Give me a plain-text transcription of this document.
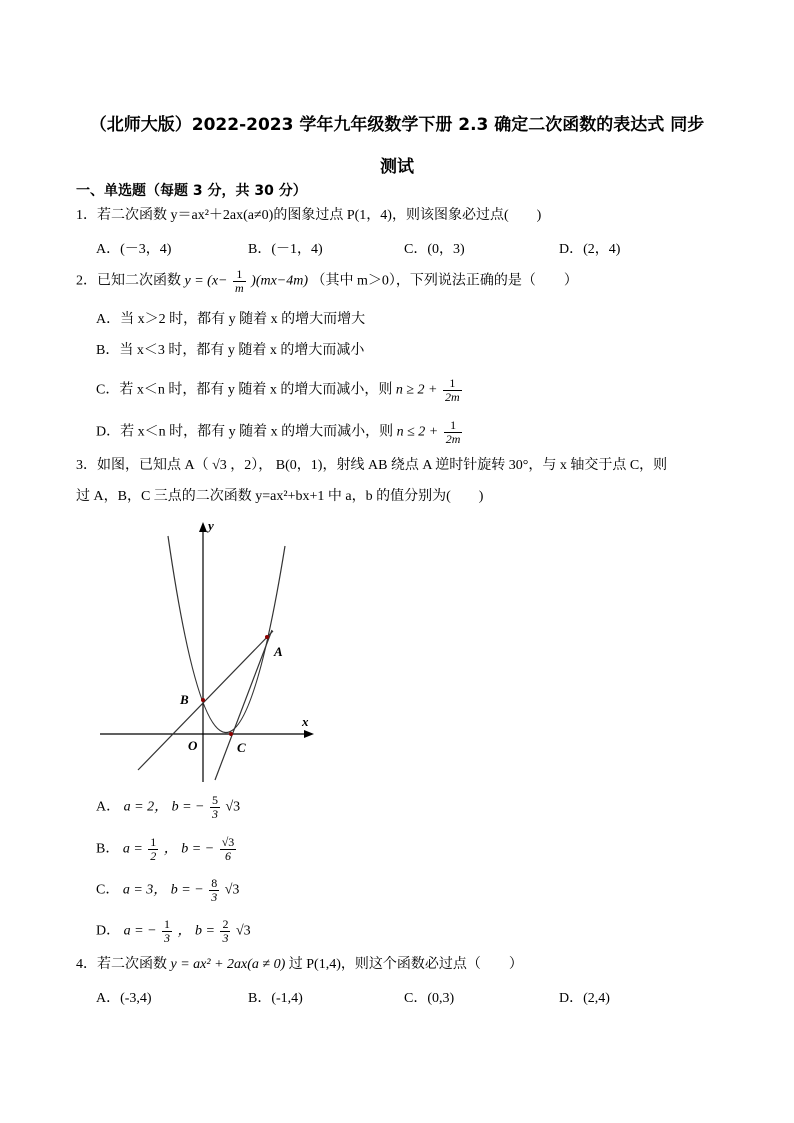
（北师大版）2022-2023 学年九年级数学下册 2.3 确定二次函数的表达式 同步
测试
一、单选题（每题 3 分，共 30 分）
1．若二次函数 y＝ax²＋2ax(a≠0)的图象过点 P(1，4)，则该图象必过点(　　)
A．(－3，4)	B．(－1，4)	C．(0，3)	D．(2，4)
2．已知二次函数 $y = (x- \frac{1}{m} )(mx-4m)$ （其中 m＞0），下列说法正确的是（　　）
A．当 x＞2 时，都有 y 随着 x 的增大而增大
B．当 x＜3 时，都有 y 随着 x 的增大而减小
C．若 x＜n 时，都有 y 随着 x 的增大而减小，则 $n \ge 2 + \frac{1}{2m}$
D．若 x＜n 时，都有 y 随着 x 的增大而减小，则 $n \le 2 + \frac{1}{2m}$
3．如图，已知点 A（ √3 ，2）， B(0，1)，射线 AB 绕点 A 逆时针旋转 30°，与 x 轴交于点 C，则
过 A，B，C 三点的二次函数 y=ax²+bx+1 中 a，b 的值分别为(　　)
y
x
A
B
O	C
A． a = 2， b = − $\frac{5}{3} √3$
B． $a = \frac{1}{2}$ ， b = − $\frac{√3}{6}$
C． a = 3， b = − $\frac{8}{3} √3$
D． a = − $\frac{1}{3}$ ， $b = \frac{2}{3} √3$
4．若二次函数 y = ax² + 2ax(a ≠ 0) 过 P(1,4)，则这个函数必过点（　　）
A．(-3,4)	B．(-1,4)	C．(0,3)	D．(2,4)
